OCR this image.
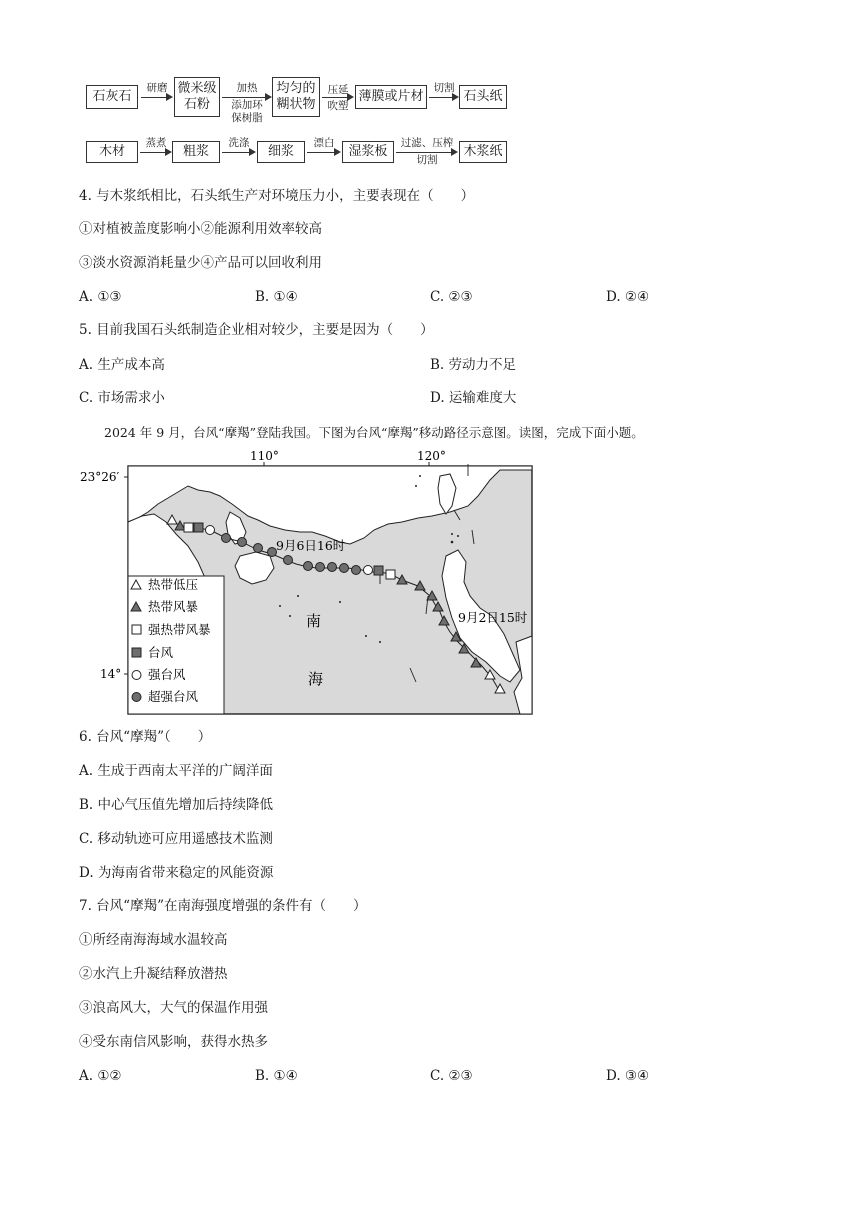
石灰石
研磨 微米级
石粉
加热
添加环
保树脂
均匀的
糊状物
压延
吹塑
薄膜或片材
切割
石头纸
木材
蒸煮
粗浆
洗涤
细浆
漂白
湿浆板
过滤、压榨
切割
木浆纸
4. 与木浆纸相比，石头纸生产对环境压力小，主要表现在（　　）
①对植被盖度影响小②能源利用效率较高
③淡水资源消耗量少④产品可以回收利用
A. ①③	B. ①④	C. ②③	D. ②④
5. 目前我国石头纸制造企业相对较少，主要是因为（　　）
A. 生产成本高	B. 劳动力不足
C. 市场需求小	D. 运输难度大
2024 年 9 月，台风“摩羯”登陆我国。下图为台风“摩羯”移动路径示意图。读图，完成下面小题。
110°	120°
23°26′
14°
南
海
9月6日16时
9月2日15时
热带低压
热带风暴
强热带风暴
台风
强台风
超强台风
6. 台风“摩羯”（　　）
A. 生成于西南太平洋的广阔洋面
B. 中心气压值先增加后持续降低
C. 移动轨迹可应用遥感技术监测
D. 为海南省带来稳定的风能资源
7. 台风“摩羯”在南海强度增强的条件有（　　）
①所经南海海域水温较高
②水汽上升凝结释放潜热
③浪高风大，大气的保温作用强
④受东南信风影响，获得水热多
A. ①②	B. ①④	C. ②③	D. ③④
